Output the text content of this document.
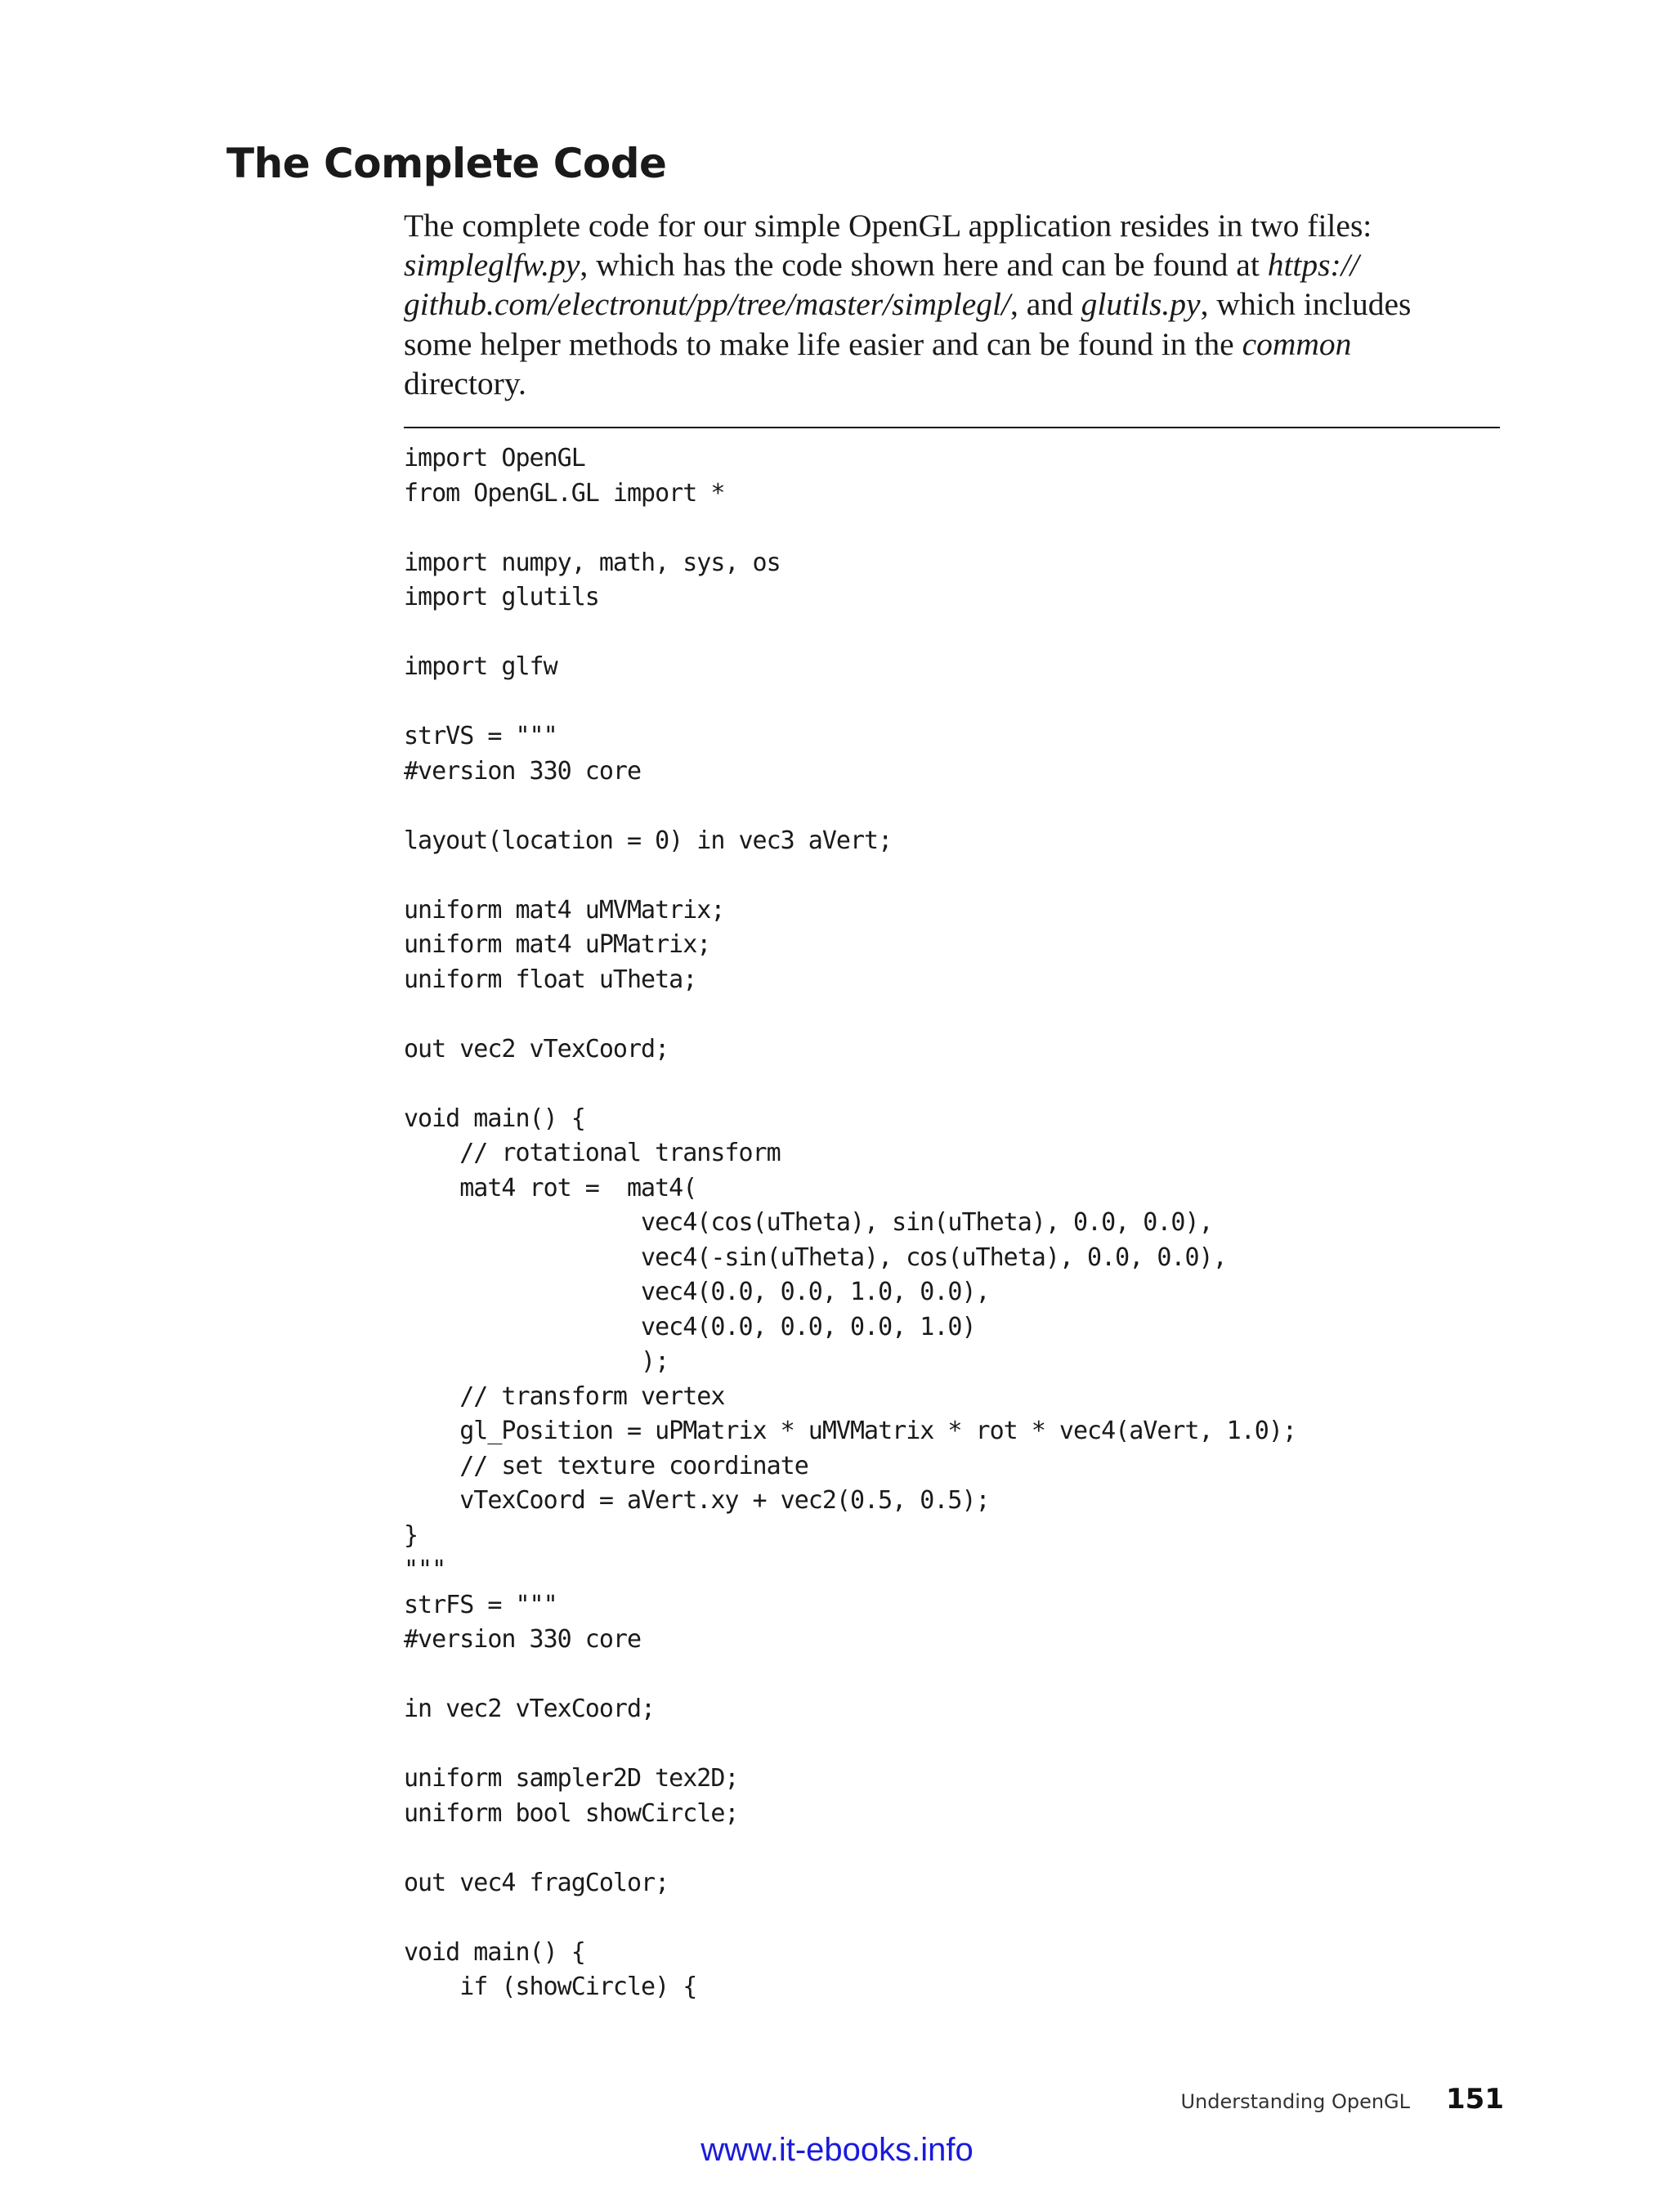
The Complete Code

The complete code for our simple OpenGL application resides in two files:
simpleglfw.py, which has the code shown here and can be found at https://
github.com/electronut/pp/tree/master/simplegl/, and glutils.py, which includes
some helper methods to make life easier and can be found in the common
directory.

import OpenGL
from OpenGL.GL import *
import numpy, math, sys, os
import glutils
import glfw
strVS = """
#version 330 core
layout(location = 0) in vec3 aVert;
uniform mat4 uMVMatrix;
uniform mat4 uPMatrix;
uniform float uTheta;
out vec2 vTexCoord;
void main() {
// rotational transform
mat4 rot =  mat4(
vec4(cos(uTheta), sin(uTheta), 0.0, 0.0),
vec4(-sin(uTheta), cos(uTheta), 0.0, 0.0),
vec4(0.0, 0.0, 1.0, 0.0),
vec4(0.0, 0.0, 0.0, 1.0)
);
// transform vertex
gl_Position = uPMatrix * uMVMatrix * rot * vec4(aVert, 1.0);
// set texture coordinate
vTexCoord = aVert.xy + vec2(0.5, 0.5);
}
"""
strFS = """
#version 330 core
in vec2 vTexCoord;
uniform sampler2D tex2D;
uniform bool showCircle;
out vec4 fragColor;
void main() {
if (showCircle) {
Understanding OpenGL 151
www.it-ebooks.info
